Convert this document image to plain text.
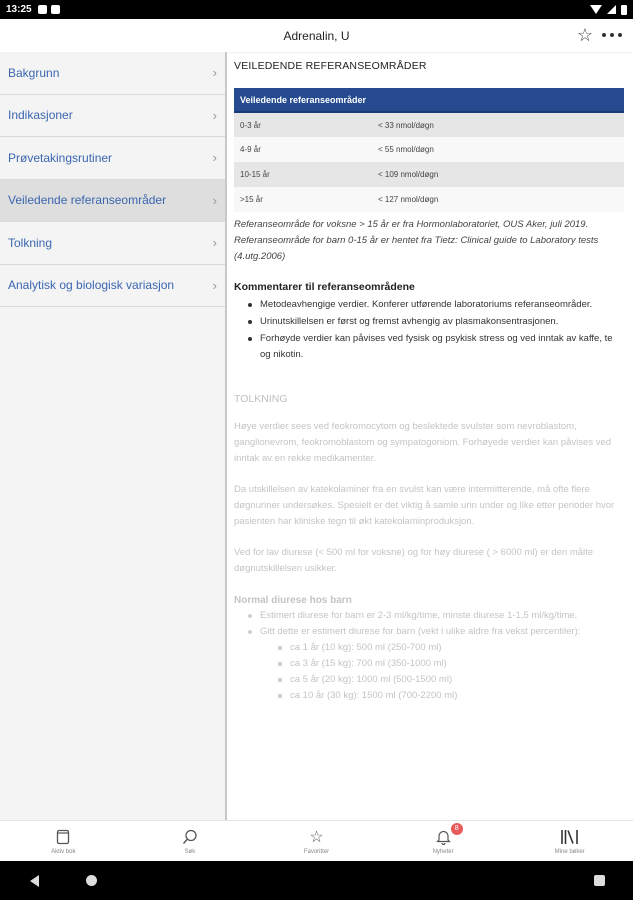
13:25
Adrenalin, U	☆
Bakgrunn	›
Indikasjoner	›
Prøvetakingsrutiner	›
Veiledende referanseområder	›
Tolkning	›
Analytisk og biologisk variasjon	›
VEILEDENDE REFERANSEOMRÅDER
Veiledende referanseområder	
0-3 år	< 33 nmol/døgn
4-9 år	< 55 nmol/døgn
10-15 år	< 109 nmol/døgn
>15 år	< 127 nmol/døgn
Referanseområde for voksne > 15 år er fra Hormonlaboratoriet, OUS Aker, juli 2019.
Referanseområde for barn 0-15 år er hentet fra Tietz: Clinical guide to Laboratory tests (4.utg.2006)
Kommentarer til referanseområdene
Metodeavhengige verdier. Konferer utførende laboratoriums referanseområder.
Urinutskillelsen er først og fremst avhengig av plasmakonsentrasjonen.
Forhøyde verdier kan påvises ved fysisk og psykisk stress og ved inntak av kaffe, te og nikotin.
TOLKNING

Høye verdier sees ved feokromocytom og beslektede svulster som nevroblastom, ganglionevrom, feokromoblastom og sympatogoniom. Forhøyede verdier kan påvises ved inntak av en rekke medikamenter.

Da utskillelsen av katekolaminer fra en svulst kan være intermitterende, må ofte flere døgnuriner undersøkes. Spesielt er det viktig å samle urin under og like etter perioder hvor pasienten har kliniske tegn til økt katekolaminproduksjon.

Ved for lav diurese (< 500 ml for voksne) og for høy diurese ( > 6000 ml) er den målte døgnutskillelsen usikker.

Normal diurese hos barn
Estimert diurese for barn er 2-3 ml/kg/time, minste diurese 1-1,5 ml/kg/time.
Gitt dette er estimert diurese for barn (vekt i ulike aldre fra vekst percentiler):
ca 1 år (10 kg): 500 ml (250-700 ml)
ca 3 år (15 kg): 700 ml (350-1000 ml)
ca 5 år (20 kg): 1000 ml (500-1500 ml)
ca 10 år (30 kg): 1500 ml (700-2200 ml)
Aktiv bok	Søk
☆
Favoritter
8
Nyheter	Mine bøker
